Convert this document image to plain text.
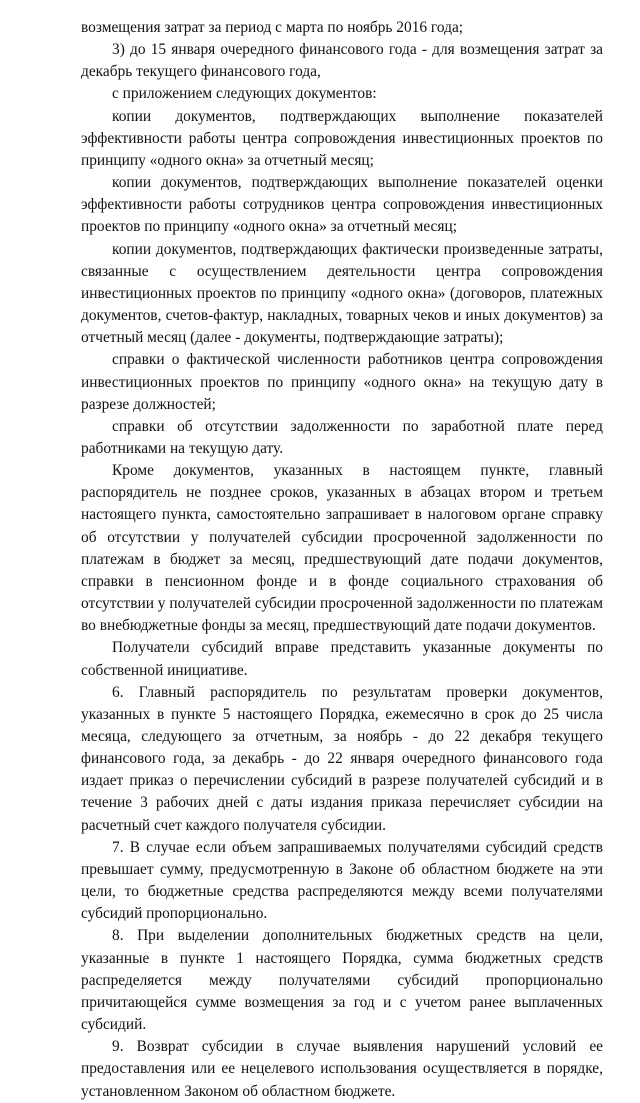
возмещения затрат за период с марта по ноябрь 2016 года;

3) до 15 января очередного финансового года - для возмещения затрат за декабрь текущего финансового года,

с приложением следующих документов:

копии документов, подтверждающих выполнение показателей эффективности работы центра сопровождения инвестиционных проектов по принципу «одного окна» за отчетный месяц;

копии документов, подтверждающих выполнение показателей оценки эффективности работы сотрудников центра сопровождения инвестиционных проектов по принципу «одного окна» за отчетный месяц;

копии документов, подтверждающих фактически произведенные затраты, связанные с осуществлением деятельности центра сопровождения инвестиционных проектов по принципу «одного окна» (договоров, платежных документов, счетов-фактур, накладных, товарных чеков и иных документов) за отчетный месяц (далее - документы, подтверждающие затраты);

справки о фактической численности работников центра сопровождения инвестиционных проектов по принципу «одного окна» на текущую дату в разрезе должностей;

справки об отсутствии задолженности по заработной плате перед работниками на текущую дату.

Кроме документов, указанных в настоящем пункте, главный распорядитель не позднее сроков, указанных в абзацах втором и третьем настоящего пункта, самостоятельно запрашивает в налоговом органе справку об отсутствии у получателей субсидии просроченной задолженности по платежам в бюджет за месяц, предшествующий дате подачи документов, справки в пенсионном фонде и в фонде социального страхования об отсутствии у получателей субсидии просроченной задолженности по платежам во внебюджетные фонды за месяц, предшествующий дате подачи документов.

Получатели субсидий вправе представить указанные документы по собственной инициативе.

6. Главный распорядитель по результатам проверки документов, указанных в пункте 5 настоящего Порядка, ежемесячно в срок до 25 числа месяца, следующего за отчетным, за ноябрь - до 22 декабря текущего финансового года, за декабрь - до 22 января очередного финансового года издает приказ о перечислении субсидий в разрезе получателей субсидий и в течение 3 рабочих дней с даты издания приказа перечисляет субсидии на расчетный счет каждого получателя субсидии.

7. В случае если объем запрашиваемых получателями субсидий средств превышает сумму, предусмотренную в Законе об областном бюджете на эти цели, то бюджетные средства распределяются между всеми получателями субсидий пропорционально.

8. При выделении дополнительных бюджетных средств на цели, указанные в пункте 1 настоящего Порядка, сумма бюджетных средств распределяется между получателями субсидий пропорционально причитающейся сумме возмещения за год и с учетом ранее выплаченных субсидий.

9. Возврат субсидии в случае выявления нарушений условий ее предоставления или ее нецелевого использования осуществляется в порядке, установленном Законом об областном бюджете.
